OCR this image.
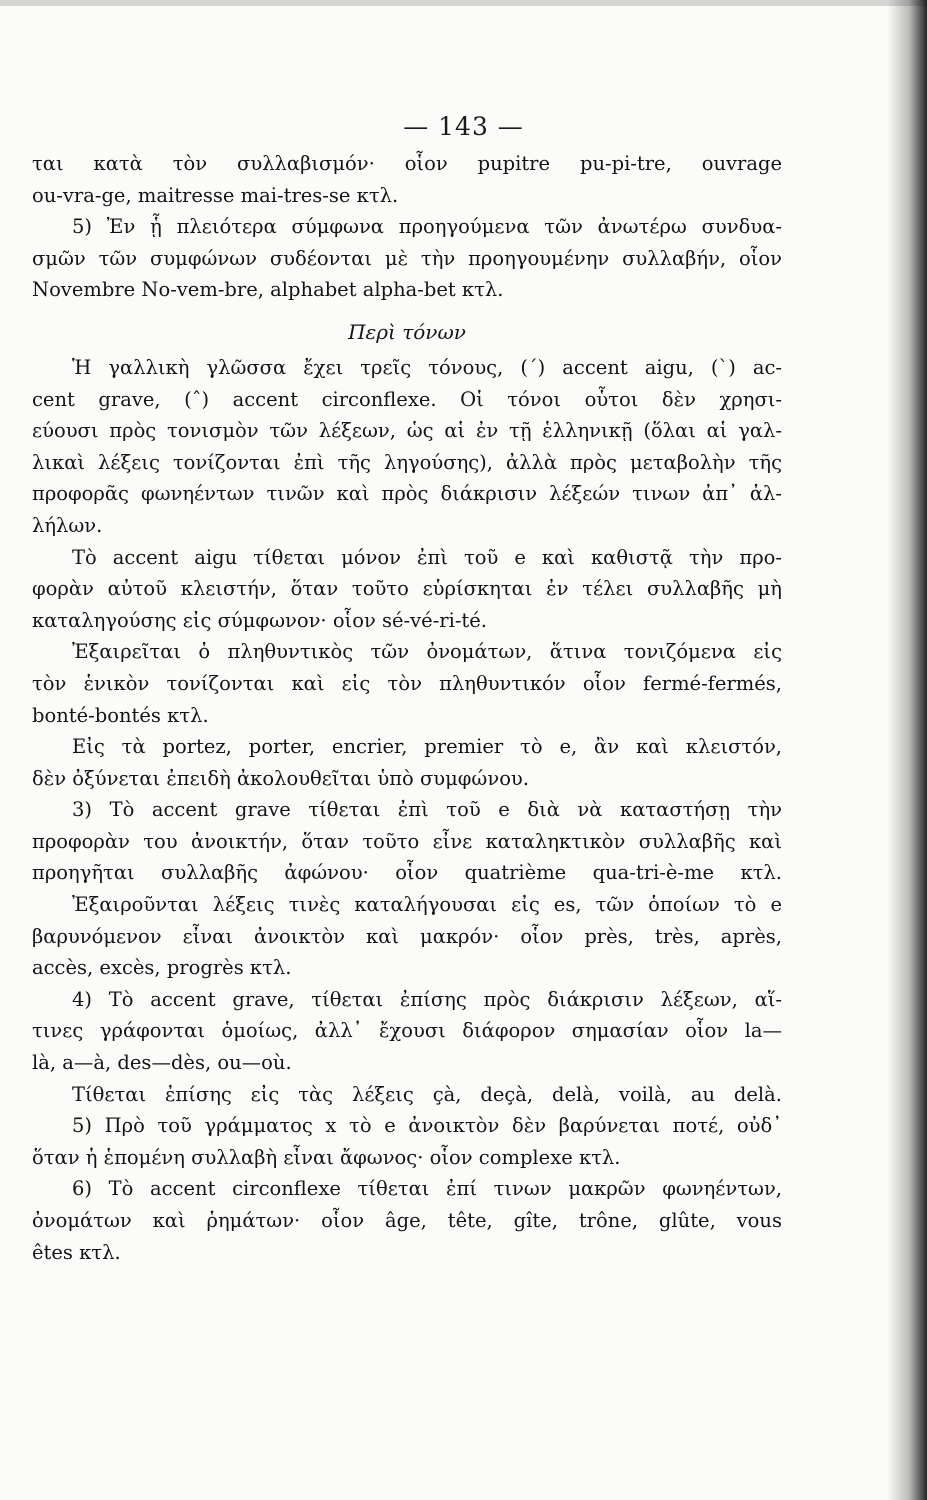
— 143 —
ται κατὰ τὸν συλλαβισμόν· οἷον pupitre pu-pi-tre, ouvrage
ou-vra-ge, maitresse mai-tres-se κτλ.
5) Ἐν ᾗ πλειότερα σύμφωνα προηγούμενα τῶν ἀνωτέρω συνδυα-
σμῶν τῶν συμφώνων συδέονται μὲ τὴν προηγουμένην συλλαβήν, οἷον
Novembre No-vem-bre, alphabet alpha-bet κτλ.
Περὶ τόνων
Ἡ γαλλικὴ γλῶσσα ἔχει τρεῖς τόνους, (΄) accent aigu, (`) ac-
cent grave, (ˆ) accent circonflexe. Οἱ τόνοι οὗτοι δὲν χρησι-
εύουσι πρὸς τονισμὸν τῶν λέξεων, ὡς αἱ ἐν τῇ ἑλληνικῇ (ὅλαι αἱ γαλ-
λικαὶ λέξεις τονίζονται ἐπὶ τῆς ληγούσης), ἀλλὰ πρὸς μεταβολὴν τῆς
προφορᾶς φωνηέντων τινῶν καὶ πρὸς διάκρισιν λέξεών τινων ἀπ᾽ ἀλ-
λήλων.
Τὸ accent aigu τίθεται μόνον ἐπὶ τοῦ e καὶ καθιστᾷ τὴν προ-
φορὰν αὐτοῦ κλειστήν, ὅταν τοῦτο εὑρίσκηται ἐν τέλει συλλαβῆς μὴ
καταληγούσης εἰς σύμφωνον· οἷον sé-vé-ri-té.
Ἐξαιρεῖται ὁ πληθυντικὸς τῶν ὀνομάτων, ἅτινα τονιζόμενα εἰς
τὸν ἑνικὸν τονίζονται καὶ εἰς τὸν πληθυντικόν οἷον fermé-fermés,
bonté-bontés κτλ.
Εἰς τὰ portez, porter, encrier, premier τὸ e, ἂν καὶ κλειστόν,
δὲν ὀξύνεται ἐπειδὴ ἀκολουθεῖται ὑπὸ συμφώνου.
3) Τὸ accent grave τίθεται ἐπὶ τοῦ e διὰ νὰ καταστήσῃ τὴν
προφορὰν του ἀνοικτήν, ὅταν τοῦτο εἶνε καταληκτικὸν συλλαβῆς καὶ
προηγῆται συλλαβῆς ἀφώνου· οἷον quatrième qua-tri-è-me κτλ.
Ἐξαιροῦνται λέξεις τινὲς καταλήγουσαι εἰς es, τῶν ὁποίων τὸ e
βαρυνόμενον εἶναι ἀνοικτὸν καὶ μακρόν· οἷον près, très, après,
accès, excès, progrès κτλ.
4) Τὸ accent grave, τίθεται ἐπίσης πρὸς διάκρισιν λέξεων, αἵ-
τινες γράφονται ὁμοίως, ἀλλ᾽ ἔχουσι διάφορον σημασίαν οἷον la—
là, a—à, des—dès, ou—où.
Τίθεται ἐπίσης εἰς τὰς λέξεις çà, deçà, delà, voilà, au delà.
5) Πρὸ τοῦ γράμματος x τὸ e ἀνοικτὸν δὲν βαρύνεται ποτέ, οὐδ᾽
ὅταν ἡ ἑπομένη συλλαβὴ εἶναι ἄφωνος· οἷον complexe κτλ.
6) Τὸ accent circonflexe τίθεται ἐπί τινων μακρῶν φωνηέντων,
ὀνομάτων καὶ ῥημάτων· οἷον âge, tête, gîte, trône, glûte, vous
êtes κτλ.
